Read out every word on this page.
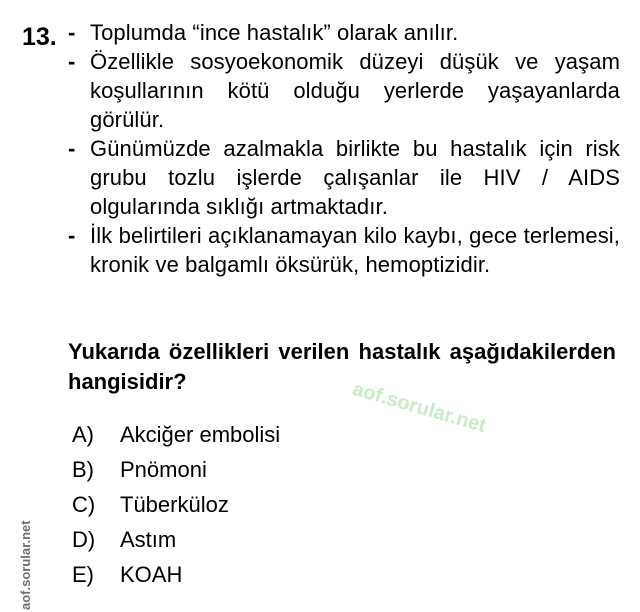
13. - Toplumda “ince hastalık” olarak anılır.
- Özellikle sosyoekonomik düzeyi düşük ve yaşam koşullarının kötü olduğu yerlerde yaşayanlarda görülür.
- Günümüzde azalmakla birlikte bu hastalık için risk grubu tozlu işlerde çalışanlar ile HIV / AIDS olgularında sıklığı artmaktadır.
- İlk belirtileri açıklanamayan kilo kaybı, gece terlemesi, kronik ve balgamlı öksürük, hemoptizidir.
Yukarıda özellikleri verilen hastalık aşağıdakilerden hangisidir?	aof.sorular.net
A)	Akciğer embolisi
B)	Pnömoni
C)	Tüberküloz
D)	Astım
E)	KOAH
aof.sorular.net
